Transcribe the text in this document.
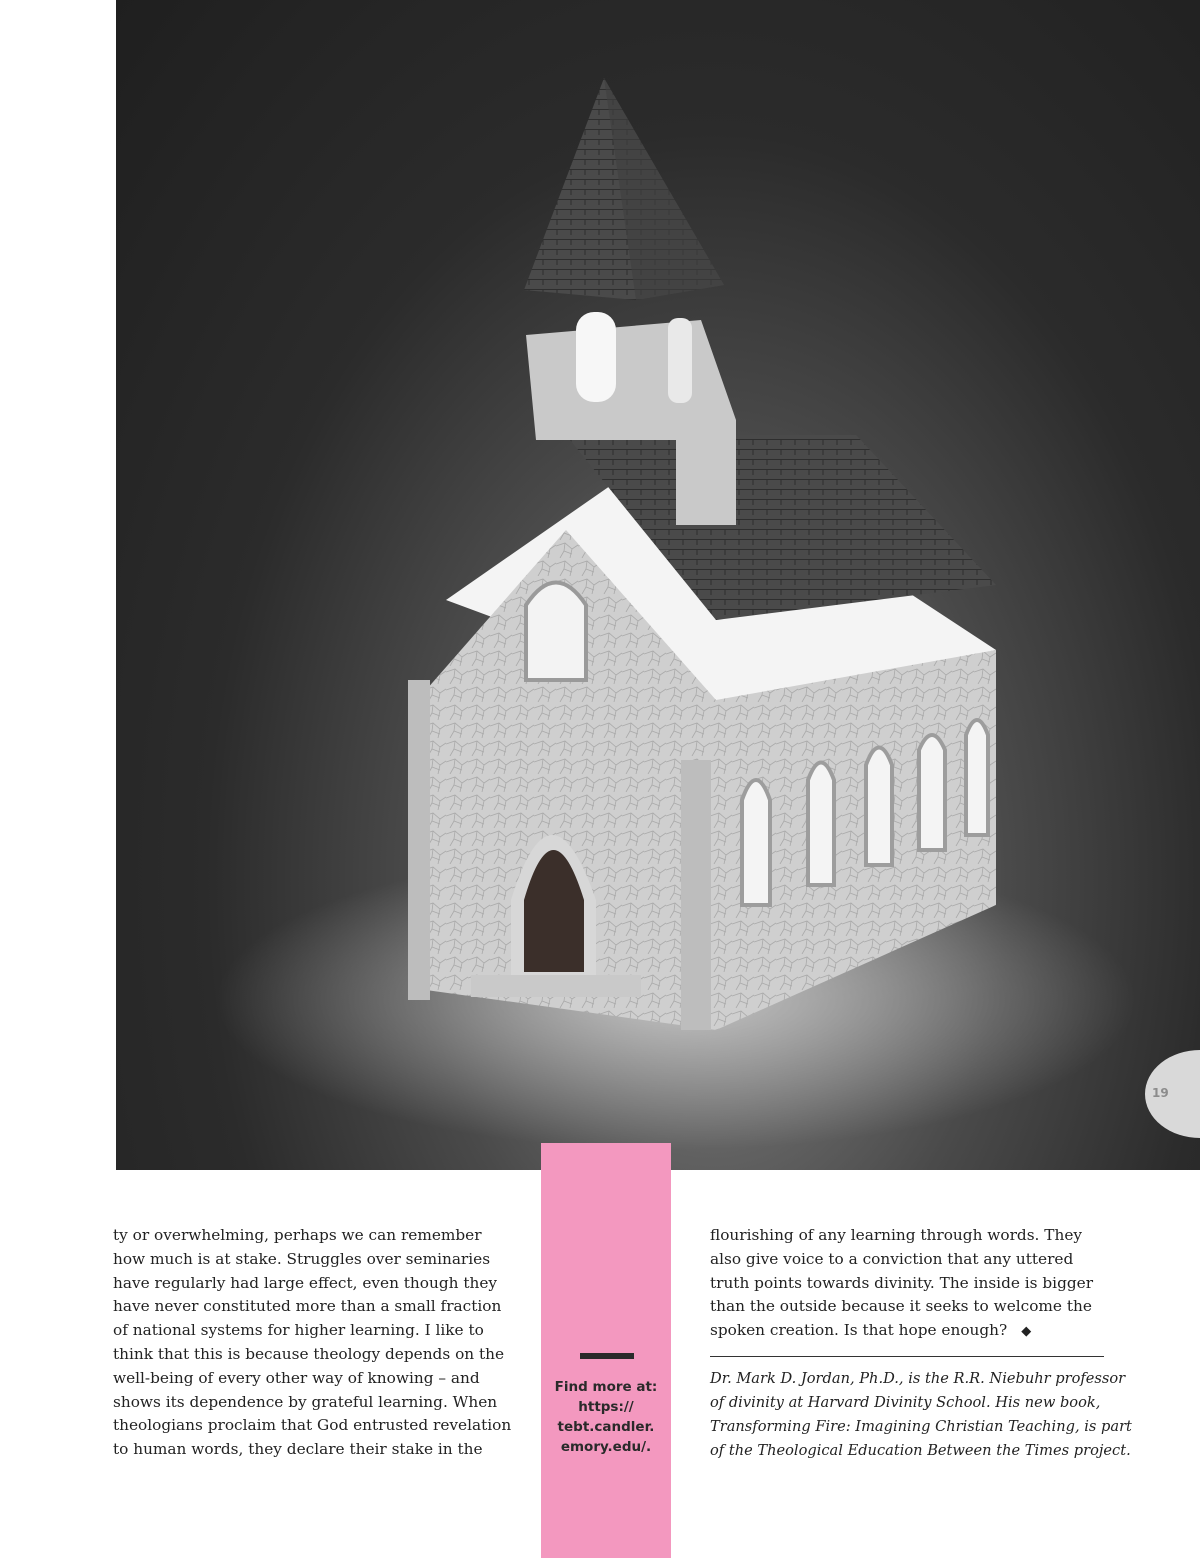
19
Find more at: https:// tebt.candler. emory.edu/.
ty or overwhelming, perhaps we can remember
how much is at stake. Struggles over seminaries
have regularly had large effect, even though they
have never constituted more than a small fraction
of national systems for higher learning. I like to
think that this is because theology depends on the
well-being of every other way of knowing – and
shows its dependence by grateful learning. When
theologians proclaim that God entrusted revelation
to human words, they declare their stake in the
flourishing of any learning through words. They
also give voice to a conviction that any uttered
truth points towards divinity. The inside is bigger
than the outside because it seeks to welcome the
spoken creation. Is that hope enough? ◆
Dr. Mark D. Jordan, Ph.D., is the R.R. Niebuhr professor
of divinity at Harvard Divinity School. His new book,
Transforming Fire: Imagining Christian Teaching, is part
of the Theological Education Between the Times project.
